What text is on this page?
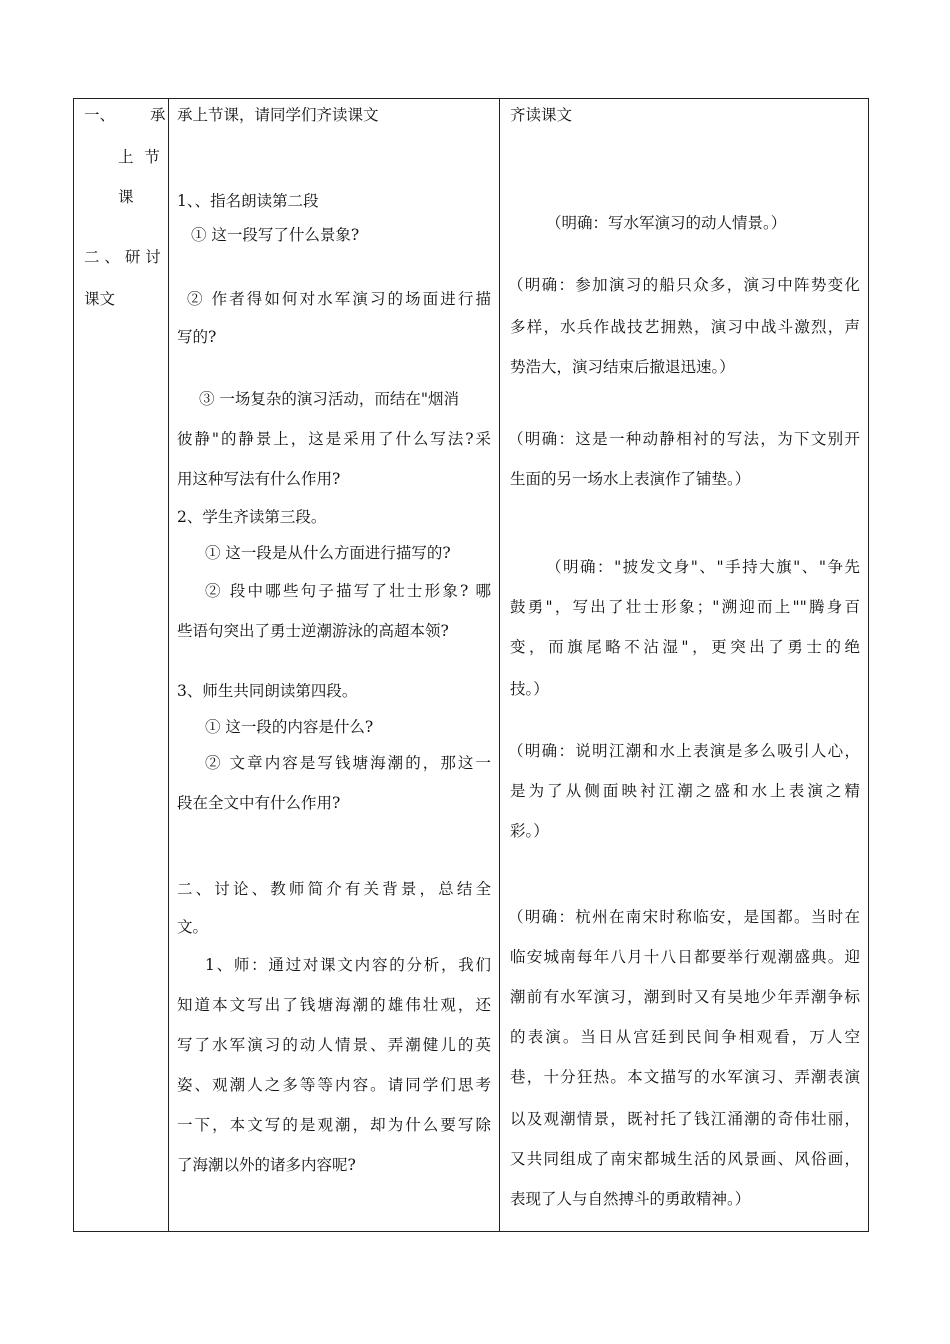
一、 承
上 节
课
二 、 研 讨
课文
承上节课，请同学们齐读课文
1、、指名朗读第二段
① 这一段写了什么景象?
② 作者得如何对水军演习的场面进行描
写的?
③ 一场复杂的演习活动，而结在"烟消
彼静"的静景上，这是采用了什么写法?采
用这种写法有什么作用?
2、学生齐读第三段。
① 这一段是从什么方面进行描写的?
② 段中哪些句子描写了壮士形象? 哪
些语句突出了勇士逆潮游泳的高超本领?
3、师生共同朗读第四段。
① 这一段的内容是什么?
② 文章内容是写钱塘海潮的，那这一
段在全文中有什么作用?
二、讨论、教师简介有关背景，总结全
文。
1、师：通过对课文内容的分析，我们
知道本文写出了钱塘海潮的雄伟壮观，还
写了水军演习的动人情景、弄潮健儿的英
姿、观潮人之多等等内容。请同学们思考
一下，本文写的是观潮，却为什么要写除
了海潮以外的诸多内容呢?
齐读课文
（明确：写水军演习的动人情景。）
（明确：参加演习的船只众多，演习中阵势变化
多样，水兵作战技艺拥熟，演习中战斗激烈，声
势浩大，演习结束后撤退迅速。）
（明确：这是一种动静相衬的写法，为下文别开
生面的另一场水上表演作了铺垫。）
（明确："披发文身"、"手持大旗"、"争先
鼓勇"，写出了壮士形象；"溯迎而上""腾身百
变，而旗尾略不沾湿"，更突出了勇士的绝
技。）
（明确：说明江潮和水上表演是多么吸引人心，
是为了从侧面映衬江潮之盛和水上表演之精
彩。）
（明确：杭州在南宋时称临安，是国都。当时在
临安城南每年八月十八日都要举行观潮盛典。迎
潮前有水军演习，潮到时又有吴地少年弄潮争标
的表演。当日从宫廷到民间争相观看，万人空
巷，十分狂热。本文描写的水军演习、弄潮表演
以及观潮情景，既衬托了钱江涌潮的奇伟壮丽，
又共同组成了南宋都城生活的风景画、风俗画，
表现了人与自然搏斗的勇敢精神。）
